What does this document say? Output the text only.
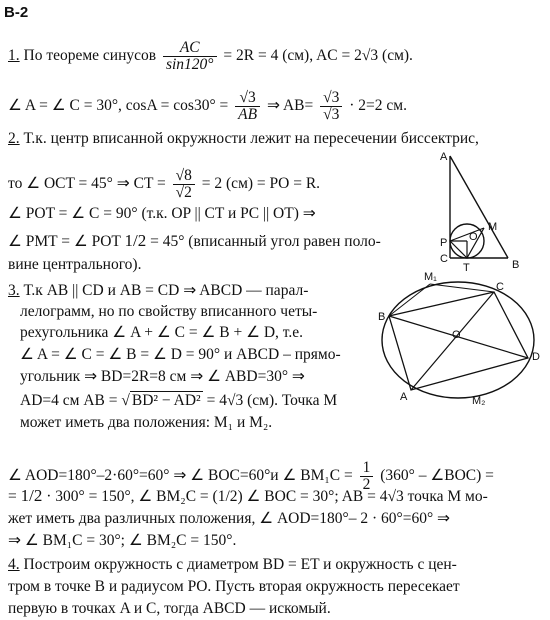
В-2
1. По теореме синусов $\frac{AC}{\sin 120^\circ} = 2R = 4$ (см), AC = 2√3 (см).
∠ A = ∠ C = 30°, $\cos A = \cos 30^\circ = \frac{√3}{AB}$ ⇒ $AB= \frac{√3}{√3} \cdot 2=2$ см.
2. Т.к. центр вписанной окружности лежит на пересечении биссектрис,
то ∠ OCT = 45° ⇒ CT = $\frac{√8}{√2} = 2$ (см) = PO = R.
∠ POT = ∠ C = 90° (т.к. OP || CT и PC || OT) ⇒
∠ PMT = ∠ POT 1/2 = 45° (вписанный угол равен поло-
вине центрального).
A
O
M
P
C
T	B
3. Т.к AB || CD и AB = CD ⇒ ABCD — парал-
лелограмм, но по свойству вписанного четы-
рехугольника ∠ A + ∠ C = ∠ B + ∠ D, т.е.
∠ A = ∠ C = ∠ B = ∠ D = 90° и ABCD – прямо-
угольник ⇒ BD=2R=8 см ⇒ ∠ ABD=30° ⇒
AD=4 см AB = √ BD² − AD² = 4√3 (см). Точка M
может иметь два положения: M₁ и M₂.
M₁
C
B
O
D
A	M₂
∠ AOD=180°–2·60°=60° ⇒ ∠ BOC=60°и ∠ $BM_1C = \frac{1}{2} (360^\circ$ – ∠BOC) =
= 1/2 · 300° = 150°, ∠ BM₂C = (1/2) ∠ BOC = 30°; AB = 4√3 точка M мо-
жет иметь два различных положения, ∠ AOD=180°– 2 · 60°=60° ⇒
⇒ ∠ BM₁C = 30°; ∠ BM₂C = 150°.
4. Построим окружность с диаметром BD = ET и окружность с цен-
тром в точке B и радиусом PO. Пусть вторая окружность пересекает
первую в точках A и C, тогда ABCD — искомый.
